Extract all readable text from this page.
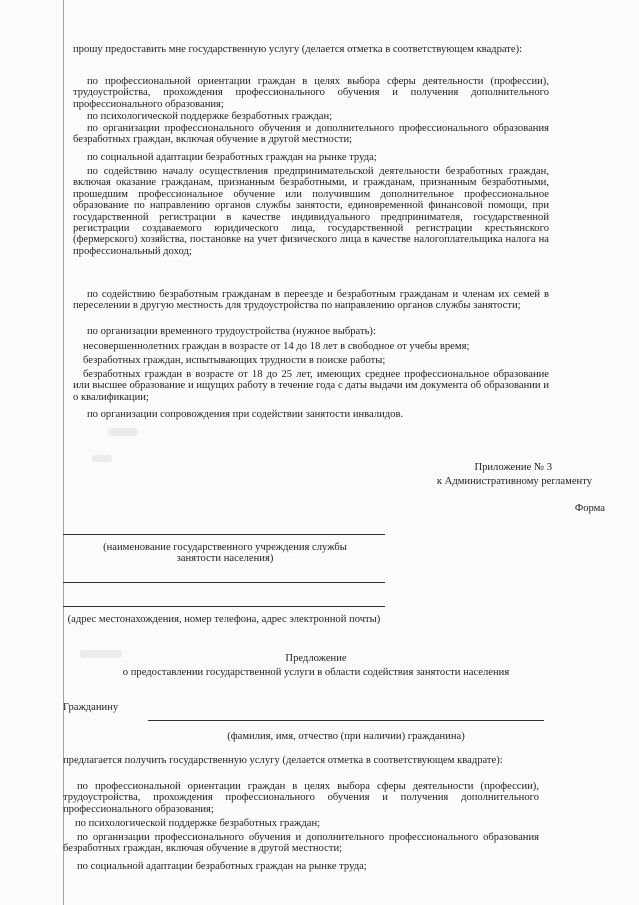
прошу предоставить мне государственную услугу (делается отметка в соответствующем квадрате):

по профессиональной ориентации граждан в целях выбора сферы деятельности (профессии), трудоустройства, прохождения профессионального обучения и получения дополнительного профессионального образования;

по психологической поддержке безработных граждан;

по организации профессионального обучения и дополнительного профессионального образования безработных граждан, включая обучение в другой местности;

по социальной адаптации безработных граждан на рынке труда;

по содействию началу осуществления предпринимательской деятельности безработных граждан, включая оказание гражданам, признанным безработными, и гражданам, признанным безработными, прошедшим профессиональное обучение или получившим дополнительное профессиональное образование по направлению органов службы занятости, единовременной финансовой помощи, при государственной регистрации в качестве индивидуального предпринимателя, государственной регистрации создаваемого юридического лица, государственной регистрации крестьянского (фермерского) хозяйства, постановке на учет физического лица в качестве налогоплательщика налога на профессиональный доход;

по содействию безработным гражданам в переезде и безработным гражданам и членам их семей в переселении в другую местность для трудоустройства по направлению органов службы занятости;

по организации временного трудоустройства (нужное выбрать):

несовершеннолетних граждан в возрасте от 14 до 18 лет в свободное от учебы время;

безработных граждан, испытывающих трудности в поиске работы;

безработных граждан в возрасте от 18 до 25 лет, имеющих среднее профессиональное образование или высшее образование и ищущих работу в течение года с даты выдачи им документа об образовании и о квалификации;

по организации сопровождения при содействии занятости инвалидов.

Приложение № 3

к Административному регламенту

Форма

(наименование государственного учреждения службы занятости населения)

(адрес местонахождения, номер телефона, адрес электронной почты)

Предложение

о предоставлении государственной услуги в области содействия занятости населения

Гражданину

(фамилия, имя, отчество (при наличии) гражданина)

предлагается получить государственную услугу (делается отметка в соответствующем квадрате):

по профессиональной ориентации граждан в целях выбора сферы деятельности (профессии), трудоустройства, прохождения профессионального обучения и получения дополнительного профессионального образования;

по психологической поддержке безработных граждан;

по организации профессионального обучения и дополнительного профессионального образования безработных граждан, включая обучение в другой местности;

по социальной адаптации безработных граждан на рынке труда;
